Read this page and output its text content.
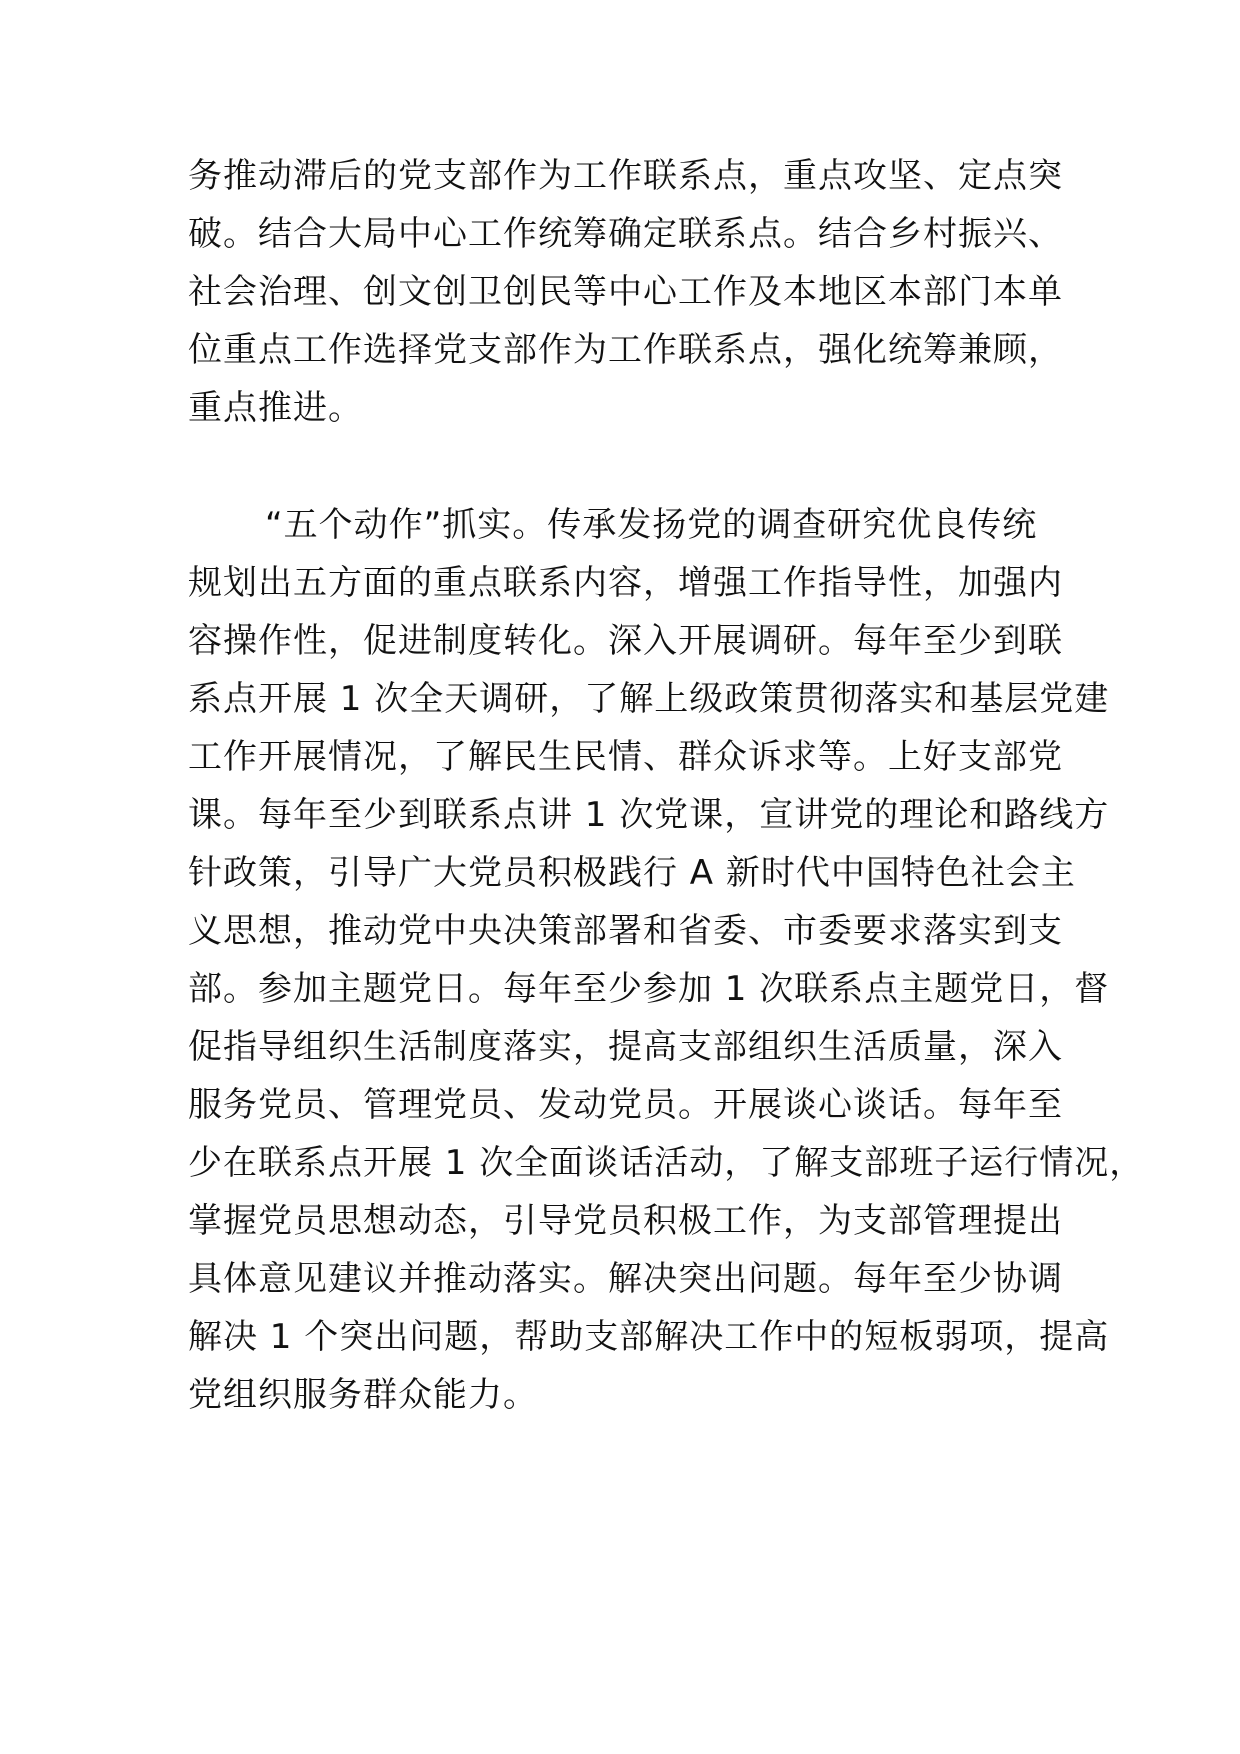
务推动滞后的党支部作为工作联系点，重点攻坚、定点突
破。结合大局中心工作统筹确定联系点。结合乡村振兴、
社会治理、创文创卫创民等中心工作及本地区本部门本单
位重点工作选择党支部作为工作联系点，强化统筹兼顾，
重点推进。
“五个动作”抓实。传承发扬党的调查研究优良传统
规划出五方面的重点联系内容，增强工作指导性，加强内
容操作性，促进制度转化。深入开展调研。每年至少到联
系点开展 1 次全天调研，了解上级政策贯彻落实和基层党建
工作开展情况，了解民生民情、群众诉求等。上好支部党
课。每年至少到联系点讲 1 次党课，宣讲党的理论和路线方
针政策，引导广大党员积极践行 A 新时代中国特色社会主
义思想，推动党中央决策部署和省委、市委要求落实到支
部。参加主题党日。每年至少参加 1 次联系点主题党日，督
促指导组织生活制度落实，提高支部组织生活质量，深入
服务党员、管理党员、发动党员。开展谈心谈话。每年至
少在联系点开展 1 次全面谈话活动，了解支部班子运行情况，
掌握党员思想动态，引导党员积极工作，为支部管理提出
具体意见建议并推动落实。解决突出问题。每年至少协调
解决 1 个突出问题，帮助支部解决工作中的短板弱项，提高
党组织服务群众能力。
